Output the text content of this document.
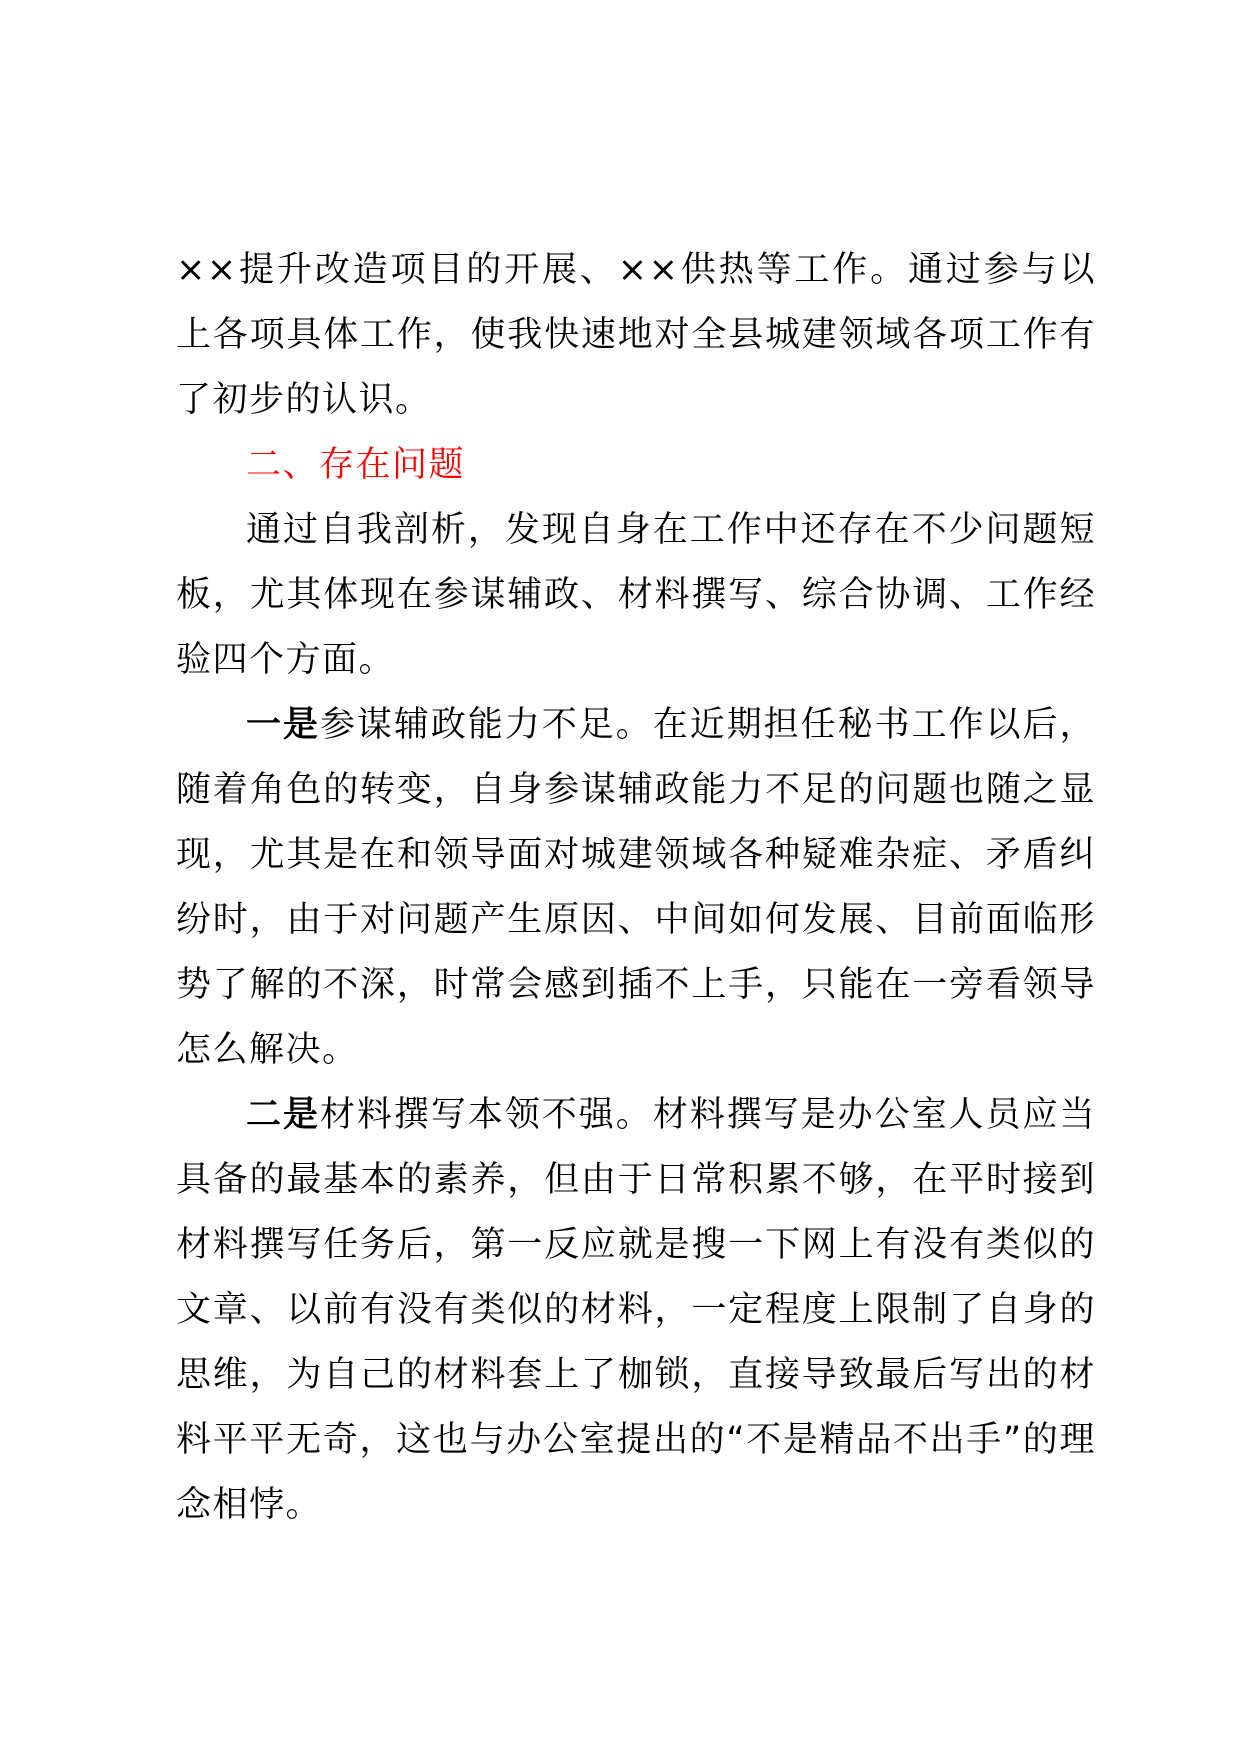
××提升改造项目的开展、××供热等工作。通过参与以上各项具体工作，使我快速地对全县城建领域各项工作有了初步的认识。

二、存在问题

通过自我剖析，发现自身在工作中还存在不少问题短板，尤其体现在参谋辅政、材料撰写、综合协调、工作经验四个方面。

一是参谋辅政能力不足。在近期担任秘书工作以后，随着角色的转变，自身参谋辅政能力不足的问题也随之显现，尤其是在和领导面对城建领域各种疑难杂症、矛盾纠纷时，由于对问题产生原因、中间如何发展、目前面临形势了解的不深，时常会感到插不上手，只能在一旁看领导怎么解决。

二是材料撰写本领不强。材料撰写是办公室人员应当具备的最基本的素养，但由于日常积累不够，在平时接到材料撰写任务后，第一反应就是搜一下网上有没有类似的文章、以前有没有类似的材料，一定程度上限制了自身的思维，为自己的材料套上了枷锁，直接导致最后写出的材料平平无奇，这也与办公室提出的“不是精品不出手”的理念相悖。
